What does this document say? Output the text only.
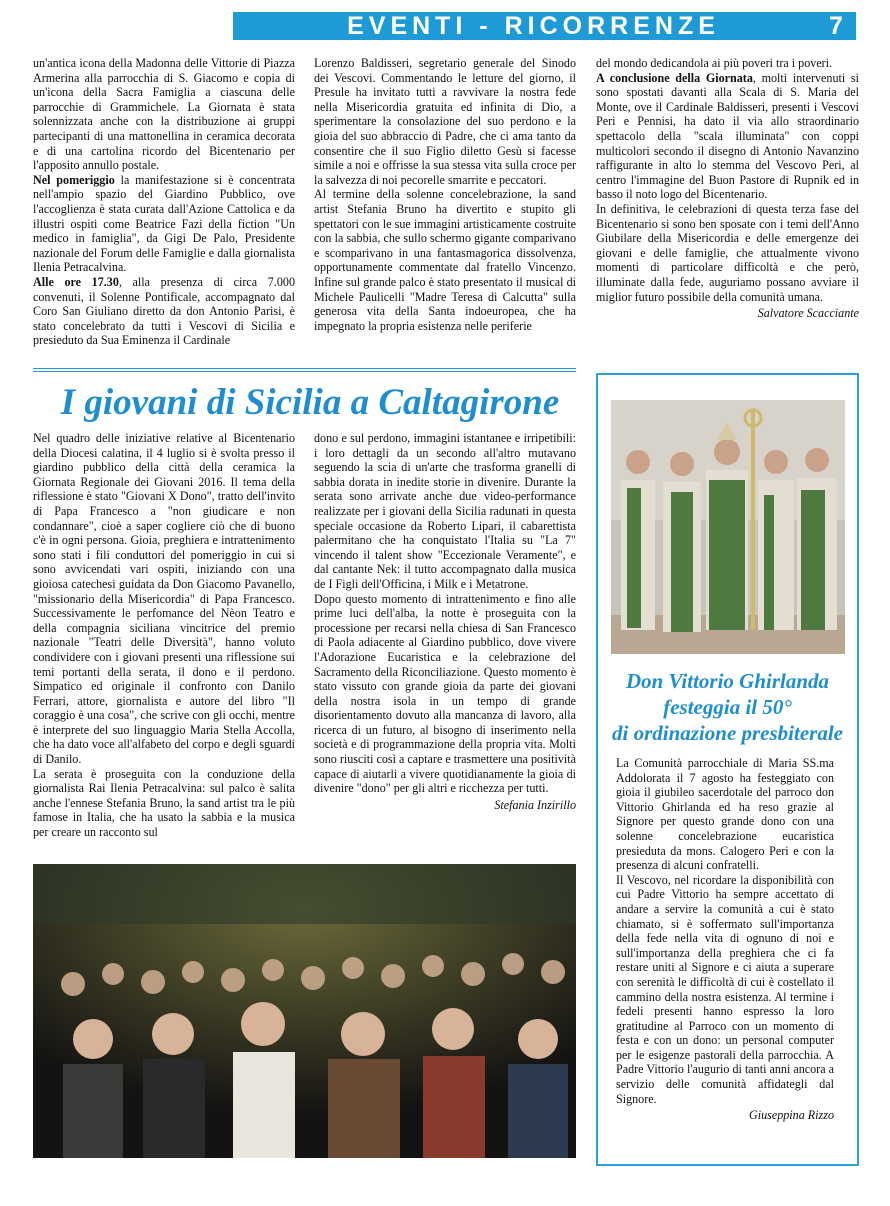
EVENTI - RICORRENZE	7

un'antica icona della Madonna delle Vittorie di Piazza Armerina alla parrocchia di S. Giacomo e copia di un'icona della Sacra Famiglia a ciascuna delle parrocchie di Grammichele. La Giornata è stata solennizzata anche con la distribuzione ai gruppi partecipanti di una mattonellina in ceramica decorata e di una cartolina ricordo del Bicentenario per l'apposito annullo postale.

Nel pomeriggio la manifestazione si è concentrata nell'ampio spazio del Giardino Pubblico, ove l'accoglienza è stata curata dall'Azione Cattolica e da illustri ospiti come Beatrice Fazi della fiction "Un medico in famiglia", da Gigi De Palo, Presidente nazionale del Forum delle Famiglie e dalla giornalista Ilenia Petracalvina.

Alle ore 17.30, alla presenza di circa 7.000 convenuti, il Solenne Pontificale, accompagnato dal Coro San Giuliano diretto da don Antonio Parisi, è stato concelebrato da tutti i Vescovi di Sicilia e presieduto da Sua Eminenza il Cardinale

Lorenzo Baldisseri, segretario generale del Sinodo dei Vescovi. Commentando le letture del giorno, il Presule ha invitato tutti a ravvivare la nostra fede nella Misericordia gratuita ed infinita di Dio, a sperimentare la consolazione del suo perdono e la gioia del suo abbraccio di Padre, che ci ama tanto da consentire che il suo Figlio diletto Gesù si facesse simile a noi e offrisse la sua stessa vita sulla croce per la salvezza di noi pecorelle smarrite e peccatori.

Al termine della solenne concelebrazione, la sand artist Stefania Bruno ha divertito e stupito gli spettatori con le sue immagini artisticamente costruite con la sabbia, che sullo schermo gigante comparivano e scomparivano in una fantasmagorica dissolvenza, opportunamente commentate dal fratello Vincenzo. Infine sul grande palco è stato presentato il musical di Michele Paulicelli "Madre Teresa di Calcutta" sulla generosa vita della Santa indoeuropea, che ha impegnato la propria esistenza nelle periferie

del mondo dedicandola ai più poveri tra i poveri.

A conclusione della Giornata, molti intervenuti si sono spostati davanti alla Scala di S. Maria del Monte, ove il Cardinale Baldisseri, presenti i Vescovi Peri e Pennisi, ha dato il via allo straordinario spettacolo della "scala illuminata" con coppi multicolori secondo il disegno di Antonio Navanzino raffigurante in alto lo stemma del Vescovo Peri, al centro l'immagine del Buon Pastore di Rupnik ed in basso il noto logo del Bicentenario.

In definitiva, le celebrazioni di questa terza fase del Bicentenario si sono ben sposate con i temi dell'Anno Giubilare della Misericordia e delle emergenze dei giovani e delle famiglie, che attualmente vivono momenti di particolare difficoltà e che però, illuminate dalla fede, auguriamo possano avviare il miglior futuro possibile della comunità umana.

Salvatore Scacciante
I giovani di Sicilia a Caltagirone

Nel quadro delle iniziative relative al Bicentenario della Diocesi calatina, il 4 luglio si è svolta presso il giardino pubblico della città della ceramica la Giornata Regionale dei Giovani 2016. Il tema della riflessione è stato "Giovani X Dono", tratto dell'invito di Papa Francesco a "non giudicare e non condannare", cioè a saper cogliere ciò che di buono c'è in ogni persona. Gioia, preghiera e intrattenimento sono stati i fili conduttori del pomeriggio in cui si sono avvicendati vari ospiti, iniziando con una gioiosa catechesi guidata da Don Giacomo Pavanello, "missionario della Misericordia" di Papa Francesco. Successivamente le perfomance del Nèon Teatro e della compagnia siciliana vincitrice del premio nazionale "Teatri delle Diversità", hanno voluto condividere con i giovani presenti una riflessione sui temi portanti della serata, il dono e il perdono. Simpatico ed originale il confronto con Danilo Ferrari, attore, giornalista e autore del libro "Il coraggio è una cosa", che scrive con gli occhi, mentre è interprete del suo linguaggio Maria Stella Accolla, che ha dato voce all'alfabeto del corpo e degli sguardi di Danilo.

La serata è proseguita con la conduzione della giornalista Rai Ilenia Petracalvina: sul palco è salita anche l'ennese Stefania Bruno, la sand artist tra le più famose in Italia, che ha usato la sabbia e la musica per creare un racconto sul

dono e sul perdono, immagini istantanee e irripetibili: i loro dettagli da un secondo all'altro mutavano seguendo la scia di un'arte che trasforma granelli di sabbia dorata in inedite storie in divenire. Durante la serata sono arrivate anche due video-performance realizzate per i giovani della Sicilia radunati in questa speciale occasione da Roberto Lipari, il cabarettista palermitano che ha conquistato l'Italia su "La 7" vincendo il talent show "Eccezionale Veramente", e dal cantante Nek: il tutto accompagnato dalla musica de I Figli dell'Officina, i Milk e i Metatrone.

Dopo questo momento di intrattenimento e fino alle prime luci dell'alba, la notte è proseguita con la processione per recarsi nella chiesa di San Francesco di Paola adiacente al Giardino pubblico, dove vivere l'Adorazione Eucaristica e la celebrazione del Sacramento della Riconciliazione. Questo momento è stato vissuto con grande gioia da parte dei giovani della nostra isola in un tempo di grande disorientamento dovuto alla mancanza di lavoro, alla ricerca di un futuro, al bisogno di inserimento nella società e di programmazione della propria vita. Molti sono riusciti così a captare e trasmettere una positività capace di aiutarli a vivere quotidianamente la gioia di divenire "dono" per gli altri e ricchezza per tutti.

Stefania Inzirillo
Don Vittorio Ghirlanda
festeggia il 50°
di ordinazione presbiterale

La Comunità parrocchiale di Maria SS.ma Addolorata il 7 agosto ha festeggiato con gioia il giubileo sacerdotale del parroco don Vittorio Ghirlanda ed ha reso grazie al Signore per questo grande dono con una solenne concelebrazione eucaristica presieduta da mons. Calogero Peri e con la presenza di alcuni confratelli.

Il Vescovo, nel ricordare la disponibilità con cui Padre Vittorio ha sempre accettato di andare a servire la comunità a cui è stato chiamato, si è soffermato sull'importanza della fede nella vita di ognuno di noi e sull'importanza della preghiera che ci fa restare uniti al Signore e ci aiuta a superare con serenità le difficoltà di cui è costellato il cammino della nostra esistenza. Al termine i fedeli presenti hanno espresso la loro gratitudine al Parroco con un momento di festa e con un dono: un personal computer per le esigenze pastorali della parrocchia. A Padre Vittorio l'augurio di tanti anni ancora a servizio delle comunità affidategli dal Signore.

Giuseppina Rizzo
